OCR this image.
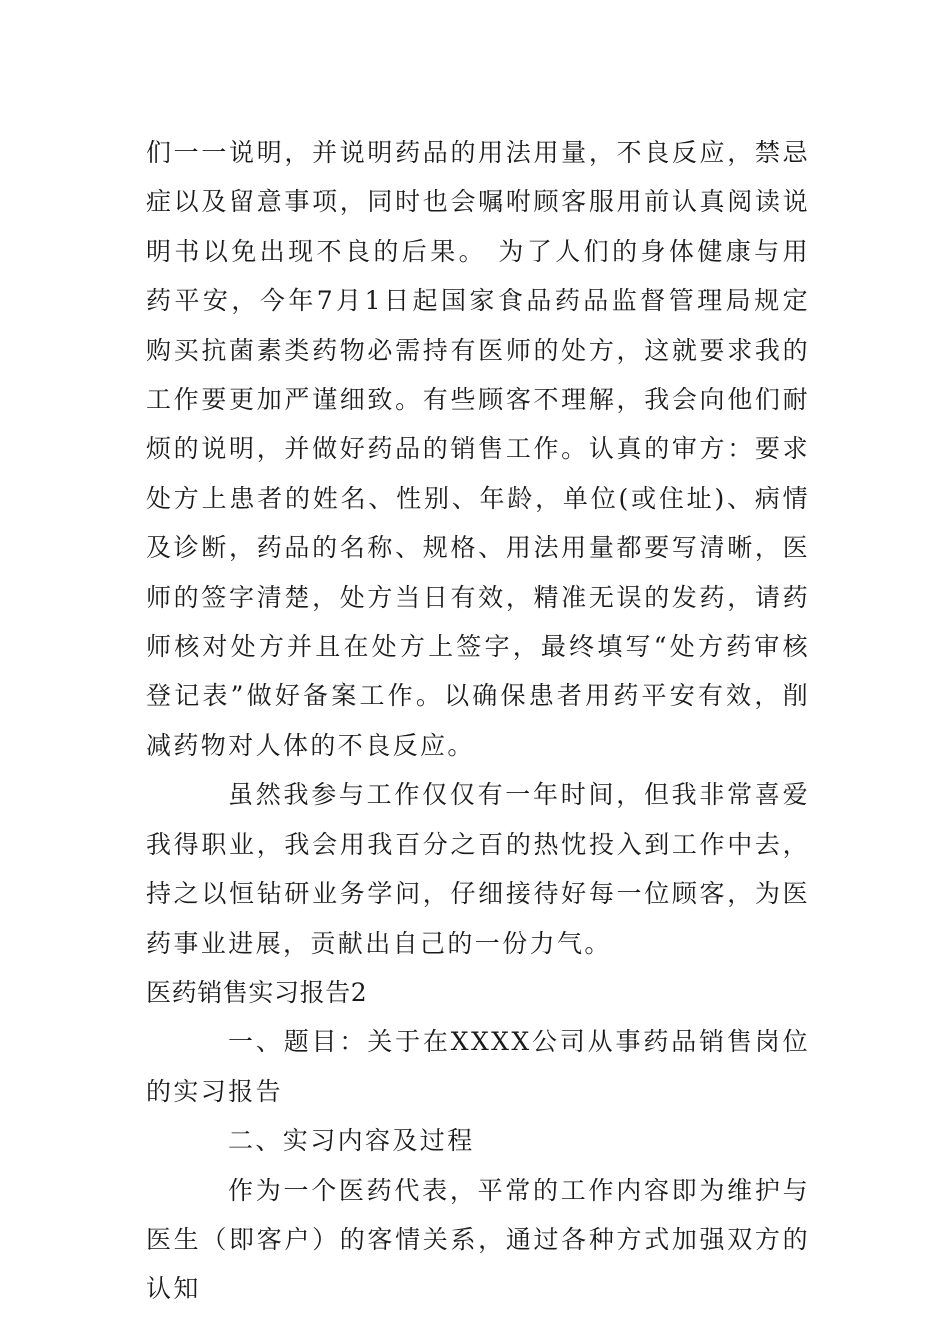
们一一说明，并说明药品的用法用量，不良反应，禁忌症以及留意事项，同时也会嘱咐顾客服用前认真阅读说明书以免出现不良的后果。 为了人们的身体健康与用药平安，今年7月1日起国家食品药品监督管理局规定购买抗菌素类药物必需持有医师的处方，这就要求我的工作要更加严谨细致。有些顾客不理解，我会向他们耐烦的说明，并做好药品的销售工作。认真的审方：要求处方上患者的姓名、性别、年龄，单位(或住址)、病情及诊断，药品的名称、规格、用法用量都要写清晰，医师的签字清楚，处方当日有效，精准无误的发药，请药师核对处方并且在处方上签字，最终填写“处方药审核登记表”做好备案工作。以确保患者用药平安有效，削减药物对人体的不良反应。

虽然我参与工作仅仅有一年时间，但我非常喜爱我得职业，我会用我百分之百的热忱投入到工作中去，持之以恒钻研业务学问，仔细接待好每一位顾客，为医药事业进展，贡献出自己的一份力气。

医药销售实习报告2

一、题目：关于在XXXX公司从事药品销售岗位的实习报告

二、实习内容及过程

作为一个医药代表，平常的工作内容即为维护与医生（即客户）的客情关系，通过各种方式加强双方的认知
